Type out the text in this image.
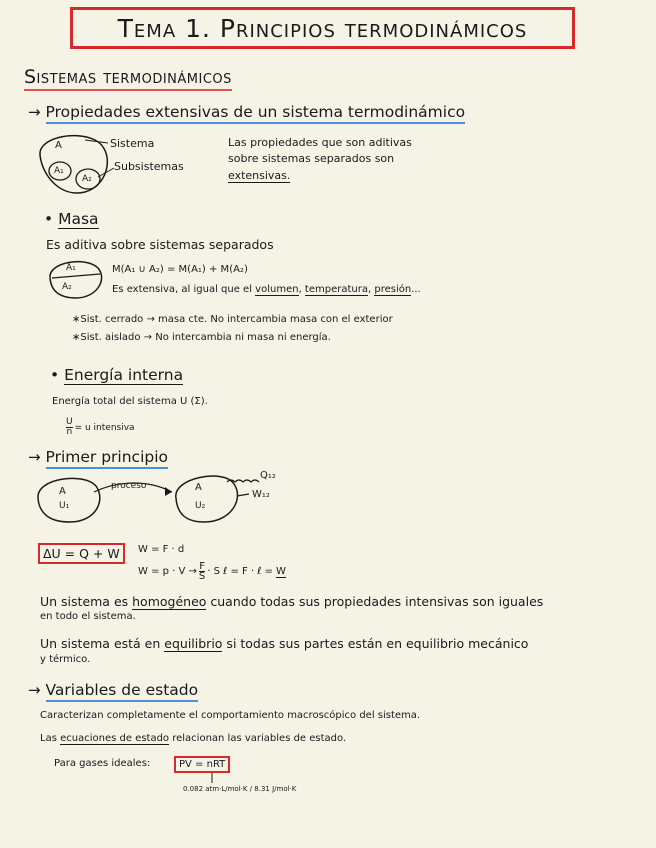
Tema 1. Principios termodinámicos
Sistemas termodinámicos
→ Propiedades extensivas de un sistema termodinámico
A
A₁
A₂
Sistema
Subsistemas
Las propiedades que son aditivas
sobre sistemas separados son
extensivas.
• Masa
Es aditiva sobre sistemas separados
A₁
A₂
M(A₁ ∪ A₂) = M(A₁) + M(A₂)
Es extensiva, al igual que el volumen, temperatura, presión...
∗Sist. cerrado → masa cte. No intercambia masa con el exterior
∗Sist. aislado → No intercambia ni masa ni energía.
• Energía interna
Energía total del sistema U (Σ).
$\frac{U}{n} = u$ intensiva
→ Primer principio
A
U₁
proceso	A
U₂
Q₁₂
W₁₂
ΔU = Q + W	W = F · d
$W = p \cdot V \to \frac{F}{S} \cdot S$ ℓ = F · ℓ = W
Un sistema es homogéneo cuando todas sus propiedades intensivas son iguales
en todo el sistema.
Un sistema está en equilibrio si todas sus partes están en equilibrio mecánico
y térmico.
→ Variables de estado
Caracterizan completamente el comportamiento macroscópico del sistema.
Las ecuaciones de estado relacionan las variables de estado.
Para gases ideales:	PV = nRT
0.082 atm·L/mol·K / 8.31 J/mol·K
